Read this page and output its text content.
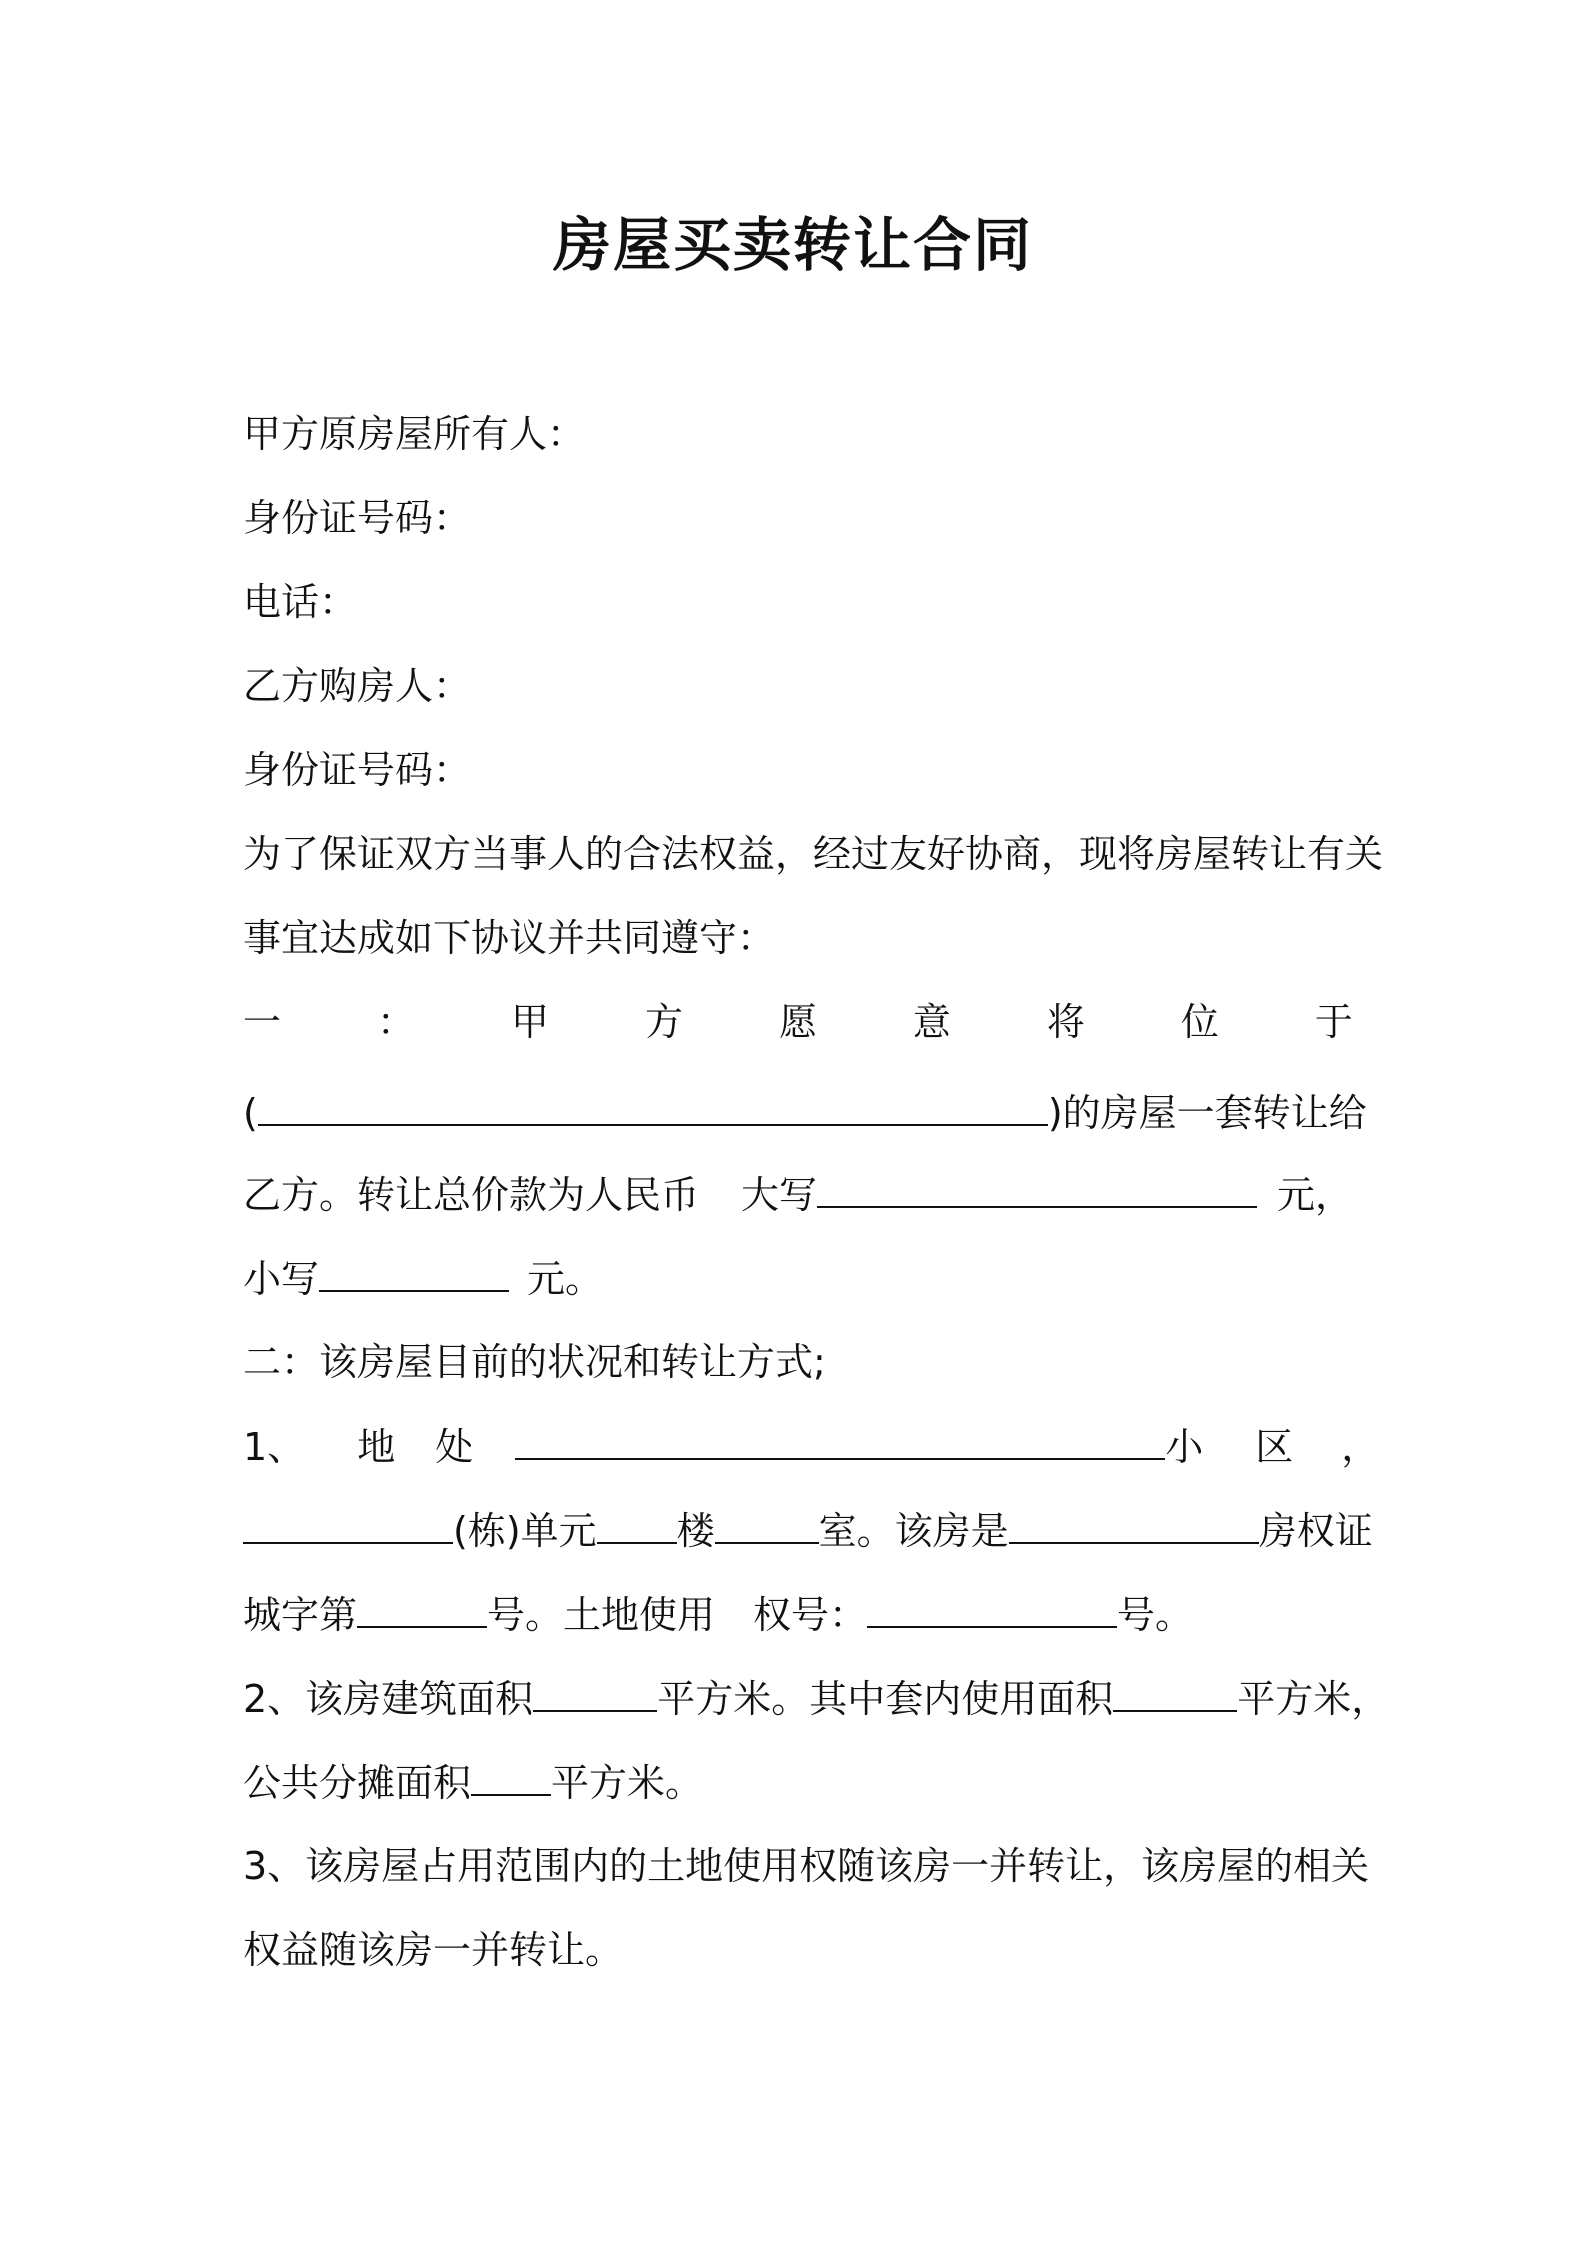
房屋买卖转让合同
甲方原房屋所有人：
身份证号码：
电话：
乙方购房人：
身份证号码：
为了保证双方当事人的合法权益，经过友好协商，现将房屋转让有关
事宜达成如下协议并共同遵守：
一	：	甲	方	愿	意	将	位	于
(	)的房屋一套转让给
乙方。转让总价款为人民币 大写	元，
小写	元。
二：该房屋目前的状况和转让方式;
1、 地 处	小 区 ，
(栋)单元 楼	室。该房是	房权证
城字第	号。土地使用 权号：	号。
2、该房建筑面积	平方米。其中套内使用面积	平方米，
公共分摊面积 平方米。
3、该房屋占用范围内的土地使用权随该房一并转让，该房屋的相关
权益随该房一并转让。
